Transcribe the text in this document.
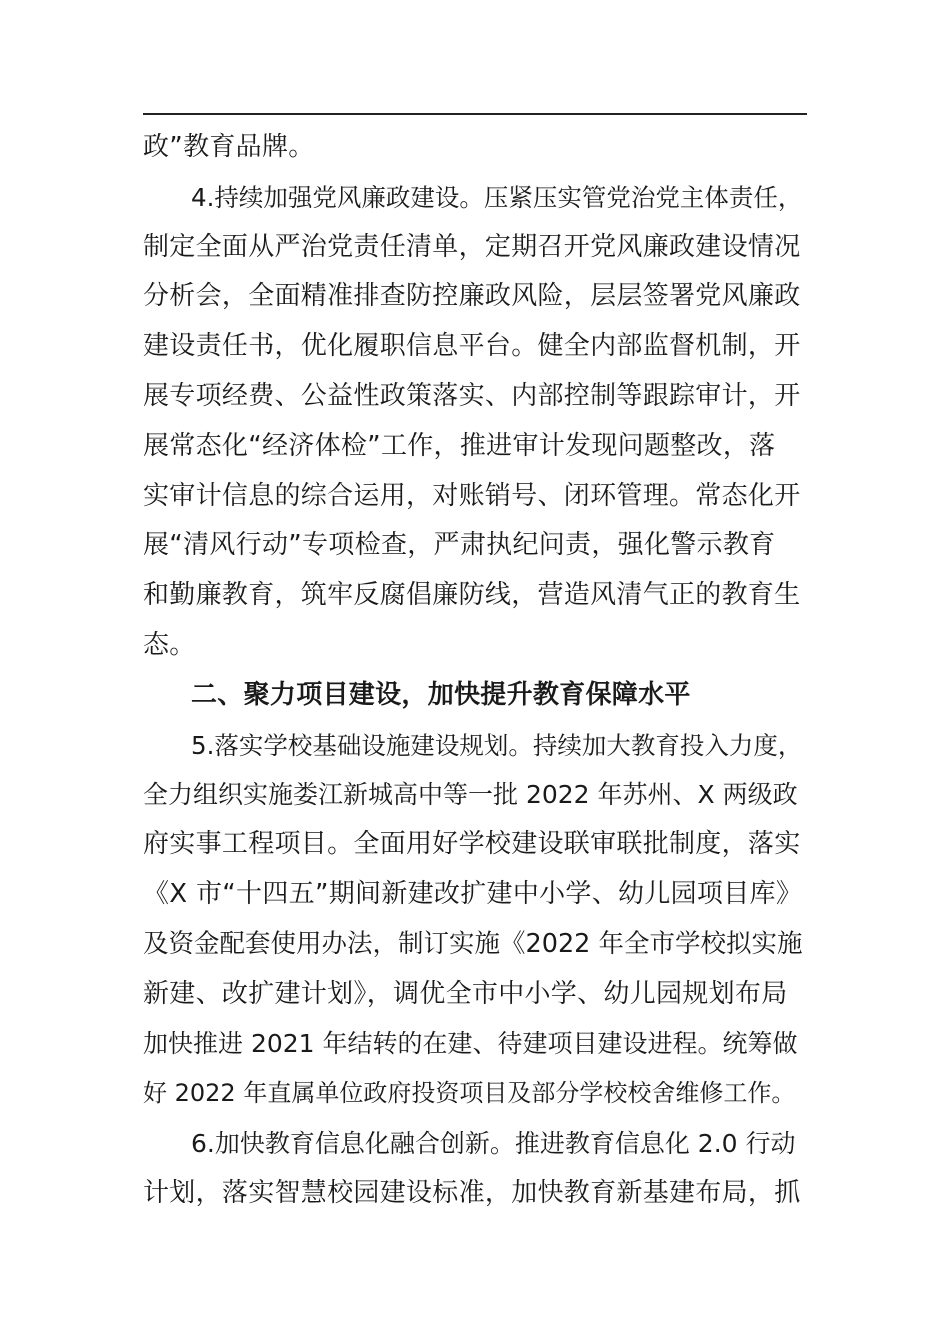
政”教育品牌。
4.持续加强党风廉政建设。压紧压实管党治党主体责任，
制定全面从严治党责任清单，定期召开党风廉政建设情况
分析会，全面精准排查防控廉政风险，层层签署党风廉政
建设责任书，优化履职信息平台。健全内部监督机制，开
展专项经费、公益性政策落实、内部控制等跟踪审计，开
展常态化“经济体检”工作，推进审计发现问题整改，落
实审计信息的综合运用，对账销号、闭环管理。常态化开
展“清风行动”专项检查，严肃执纪问责，强化警示教育
和勤廉教育，筑牢反腐倡廉防线，营造风清气正的教育生
态。
二、聚力项目建设，加快提升教育保障水平
5.落实学校基础设施建设规划。持续加大教育投入力度，
全力组织实施娄江新城高中等一批 2022 年苏州、X 两级政
府实事工程项目。全面用好学校建设联审联批制度，落实
《X 市“十四五”期间新建改扩建中小学、幼儿园项目库》
及资金配套使用办法，制订实施《2022 年全市学校拟实施
新建、改扩建计划》，调优全市中小学、幼儿园规划布局
加快推进 2021 年结转的在建、待建项目建设进程。统筹做
好 2022 年直属单位政府投资项目及部分学校校舍维修工作。
6.加快教育信息化融合创新。推进教育信息化 2.0 行动
计划，落实智慧校园建设标准，加快教育新基建布局，抓
